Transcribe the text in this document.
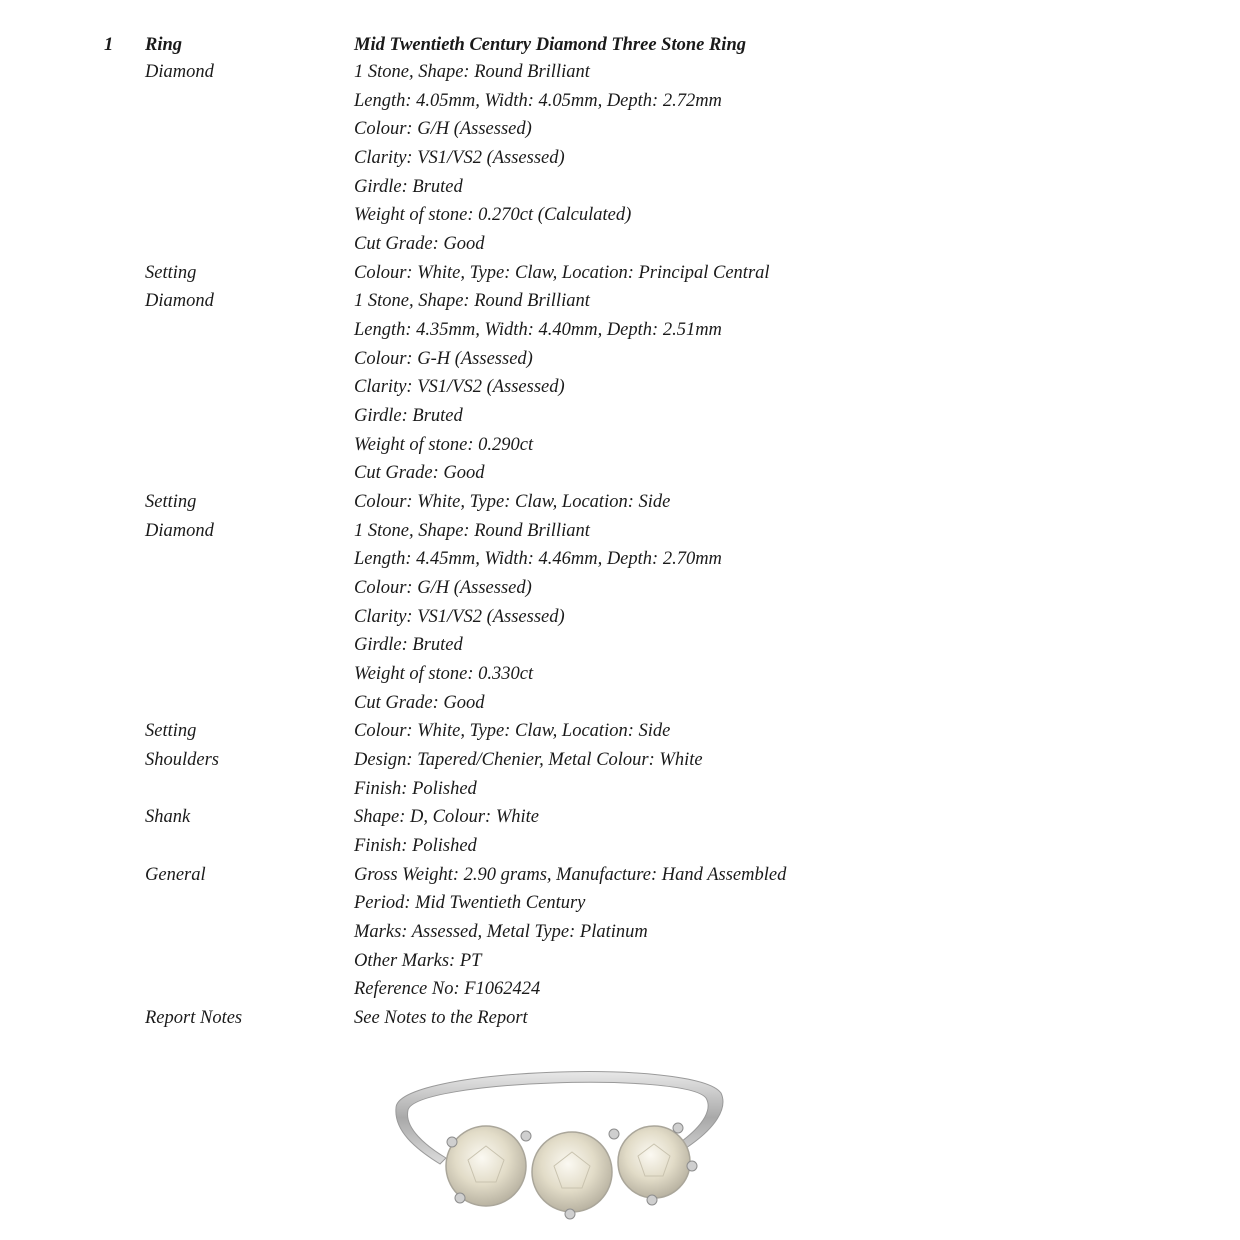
1 Ring	Mid Twentieth Century Diamond Three Stone Ring
Diamond	1 Stone, Shape: Round Brilliant
Length: 4.05mm, Width: 4.05mm, Depth: 2.72mm
Colour: G/H (Assessed)
Clarity: VS1/VS2 (Assessed)
Girdle: Bruted
Weight of stone: 0.270ct (Calculated)
Cut Grade: Good
Setting	Colour: White, Type: Claw, Location: Principal Central
Diamond	1 Stone, Shape: Round Brilliant
Length: 4.35mm, Width: 4.40mm, Depth: 2.51mm
Colour: G-H (Assessed)
Clarity: VS1/VS2 (Assessed)
Girdle: Bruted
Weight of stone: 0.290ct
Cut Grade: Good
Setting	Colour: White, Type: Claw, Location: Side
Diamond	1 Stone, Shape: Round Brilliant
Length: 4.45mm, Width: 4.46mm, Depth: 2.70mm
Colour: G/H (Assessed)
Clarity: VS1/VS2 (Assessed)
Girdle: Bruted
Weight of stone: 0.330ct
Cut Grade: Good
Setting	Colour: White, Type: Claw, Location: Side
Shoulders	Design: Tapered/Chenier, Metal Colour: White
Finish: Polished
Shank	Shape: D, Colour: White
Finish: Polished
General	Gross Weight: 2.90 grams, Manufacture: Hand Assembled
Period: Mid Twentieth Century
Marks: Assessed, Metal Type: Platinum
Other Marks: PT
Reference No: F1062424
Report Notes	See Notes to the Report
